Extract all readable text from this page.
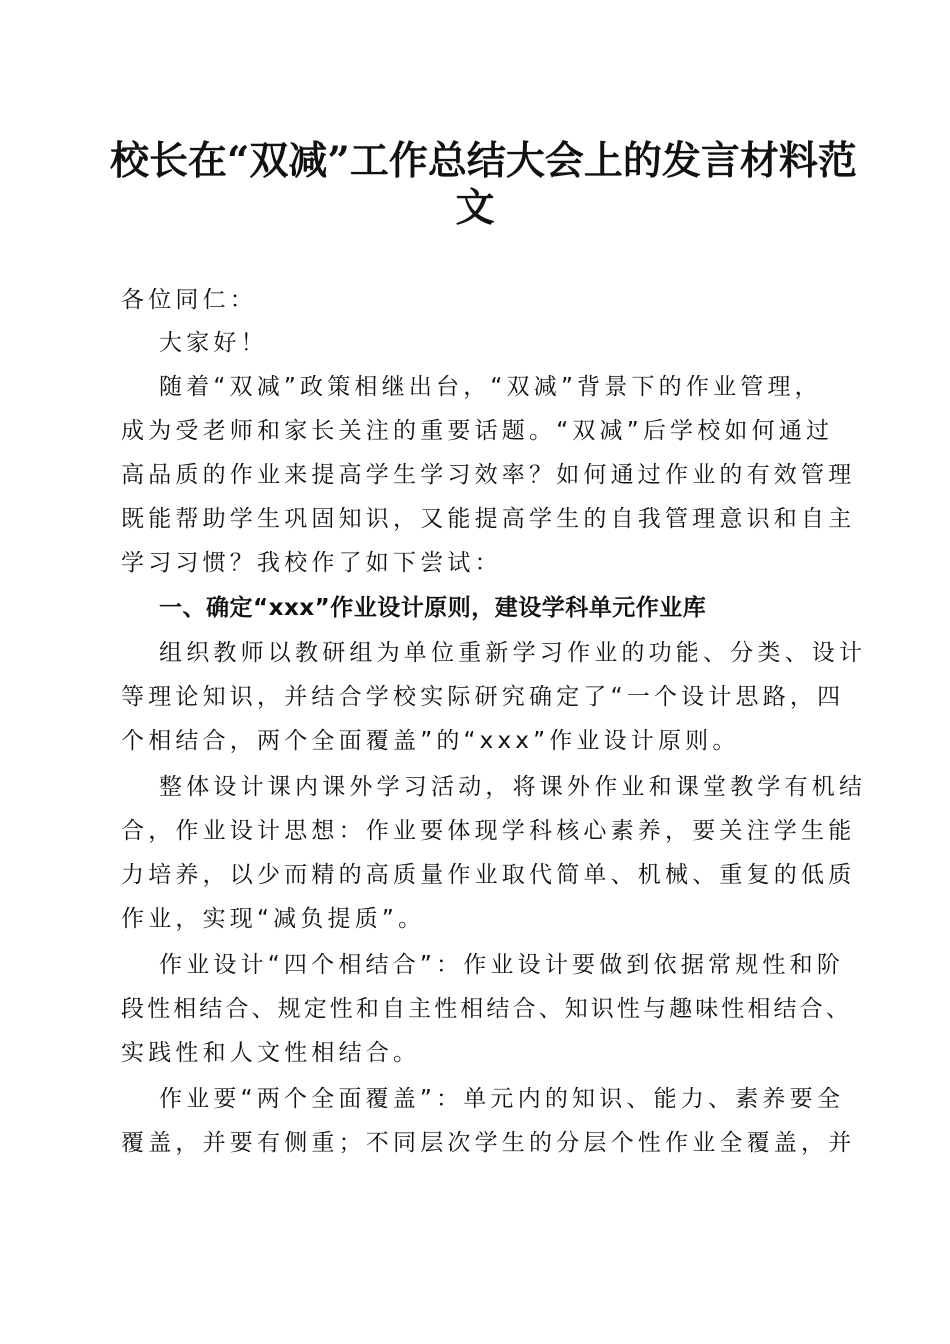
校长在“双减”工作总结大会上的发言材料范
文
各位同仁：
大家好！
随着“双减”政策相继出台，“双减”背景下的作业管理，
成为受老师和家长关注的重要话题。“双减”后学校如何通过
高品质的作业来提高学生学习效率？如何通过作业的有效管理
既能帮助学生巩固知识，又能提高学生的自我管理意识和自主
学习习惯？我校作了如下尝试：
一、确定“xxx”作业设计原则，建设学科单元作业库
组织教师以教研组为单位重新学习作业的功能、分类、设计
等理论知识，并结合学校实际研究确定了“一个设计思路，四
个相结合，两个全面覆盖”的“xxx”作业设计原则。
整体设计课内课外学习活动，将课外作业和课堂教学有机结
合，作业设计思想：作业要体现学科核心素养，要关注学生能
力培养，以少而精的高质量作业取代简单、机械、重复的低质
作业，实现“减负提质”。
作业设计“四个相结合”：作业设计要做到依据常规性和阶
段性相结合、规定性和自主性相结合、知识性与趣味性相结合、
实践性和人文性相结合。
作业要“两个全面覆盖”：单元内的知识、能力、素养要全
覆盖，并要有侧重；不同层次学生的分层个性作业全覆盖，并
